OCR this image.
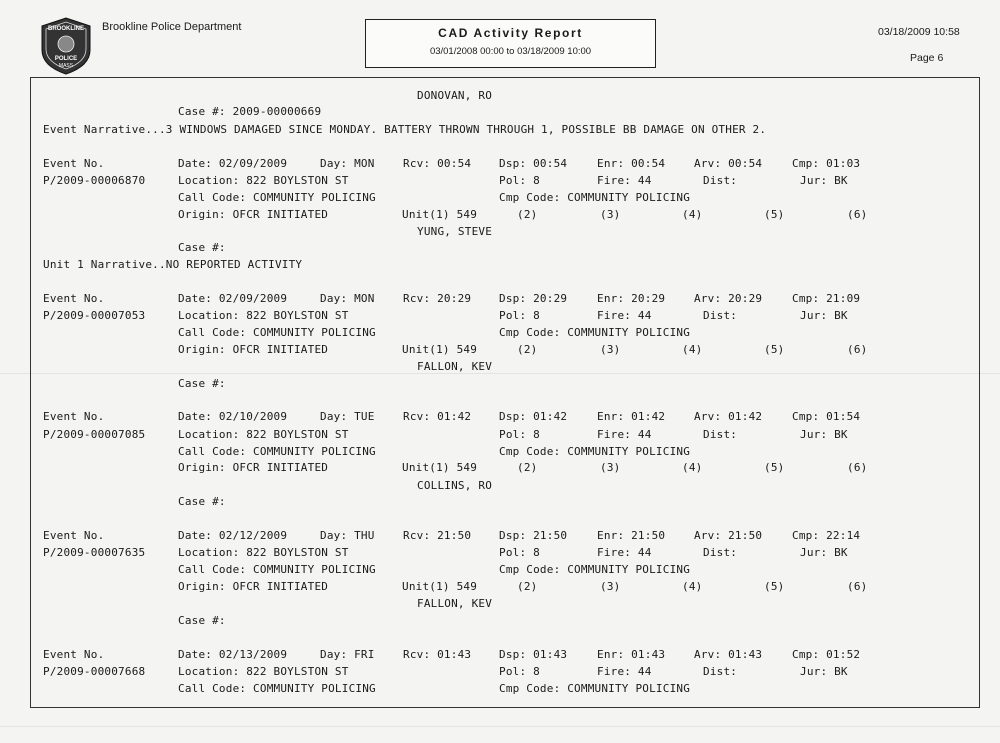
BROOKLINE
POLICE
MASS
Brookline Police Department	CAD Activity Report
03/01/2008 00:00 to 03/18/2009 10:00
03/18/2009 10:58
Page 6
DONOVAN, RO
Case #: 2009-00000669
Event Narrative...3 WINDOWS DAMAGED SINCE MONDAY. BATTERY THROWN THROUGH 1, POSSIBLE BB DAMAGE ON OTHER 2.
Event No.	Date: 02/09/2009	Day: MON	Rcv: 00:54	Dsp: 00:54	Enr: 00:54	Arv: 00:54	Cmp: 01:03
P/2009-00006870	Location: 822 BOYLSTON ST	Pol: 8	Fire: 44	Dist:	Jur: BK
Call Code: COMMUNITY POLICING	Cmp Code: COMMUNITY POLICING
Origin: OFCR INITIATED	Unit(1) 549	(2)	(3)	(4)	(5)	(6)
YUNG, STEVE
Case #:
Unit 1 Narrative..NO REPORTED ACTIVITY
Event No.	Date: 02/09/2009	Day: MON	Rcv: 20:29	Dsp: 20:29	Enr: 20:29	Arv: 20:29	Cmp: 21:09
P/2009-00007053	Location: 822 BOYLSTON ST	Pol: 8	Fire: 44	Dist:	Jur: BK
Call Code: COMMUNITY POLICING	Cmp Code: COMMUNITY POLICING
Origin: OFCR INITIATED	Unit(1) 549	(2)	(3)	(4)	(5)	(6)
FALLON, KEV
Case #:
Event No.	Date: 02/10/2009	Day: TUE	Rcv: 01:42	Dsp: 01:42	Enr: 01:42	Arv: 01:42	Cmp: 01:54
P/2009-00007085	Location: 822 BOYLSTON ST	Pol: 8	Fire: 44	Dist:	Jur: BK
Call Code: COMMUNITY POLICING	Cmp Code: COMMUNITY POLICING
Origin: OFCR INITIATED	Unit(1) 549	(2)	(3)	(4)	(5)	(6)
COLLINS, RO
Case #:
Event No.	Date: 02/12/2009	Day: THU	Rcv: 21:50	Dsp: 21:50	Enr: 21:50	Arv: 21:50	Cmp: 22:14
P/2009-00007635	Location: 822 BOYLSTON ST	Pol: 8	Fire: 44	Dist:	Jur: BK
Call Code: COMMUNITY POLICING	Cmp Code: COMMUNITY POLICING
Origin: OFCR INITIATED	Unit(1) 549	(2)	(3)	(4)	(5)	(6)
FALLON, KEV
Case #:
Event No.	Date: 02/13/2009	Day: FRI	Rcv: 01:43	Dsp: 01:43	Enr: 01:43	Arv: 01:43	Cmp: 01:52
P/2009-00007668	Location: 822 BOYLSTON ST	Pol: 8	Fire: 44	Dist:	Jur: BK
Call Code: COMMUNITY POLICING	Cmp Code: COMMUNITY POLICING
